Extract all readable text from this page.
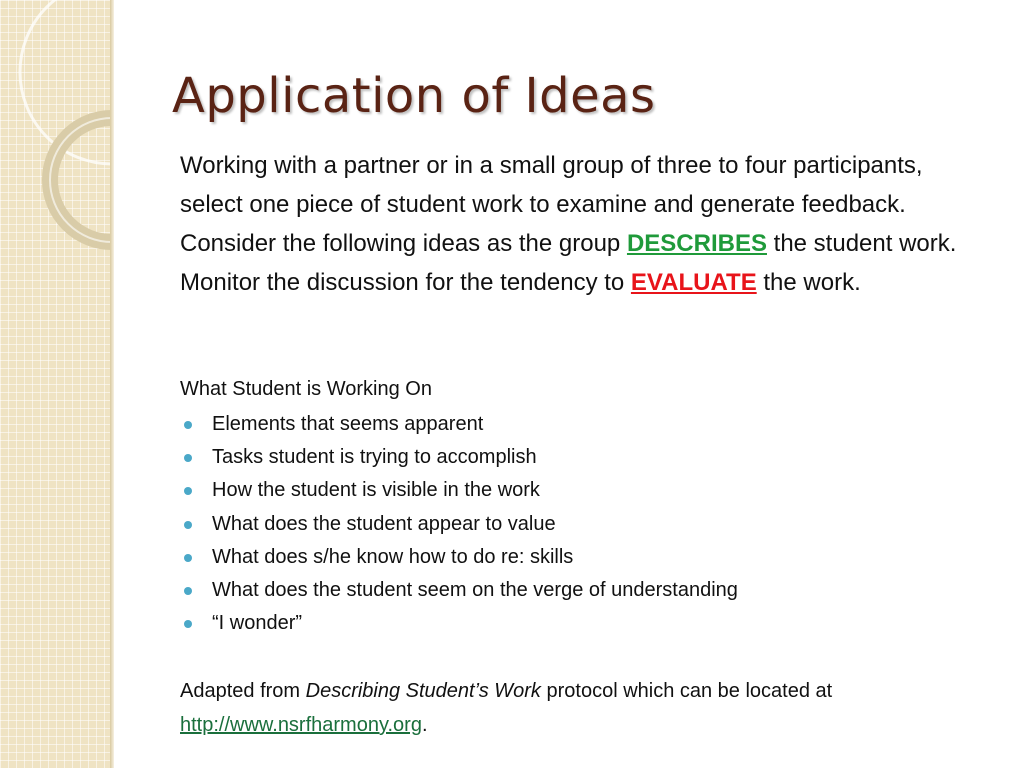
Application of Ideas

Working with a partner or in a small group of three to four participants, select one piece of student work to examine and generate feedback. Consider the following ideas as the group DESCRIBES the student work. Monitor the discussion for the tendency to EVALUATE the work.

What Student is Working On

Elements that seems apparent
Tasks student is trying to accomplish
How the student is visible in the work
What does the student appear to value
What does s/he know how to do re: skills
What does the student seem on the verge of understanding
“I wonder”

Adapted from Describing Student’s Work protocol which can be located at
http://www.nsrfharmony.org.
